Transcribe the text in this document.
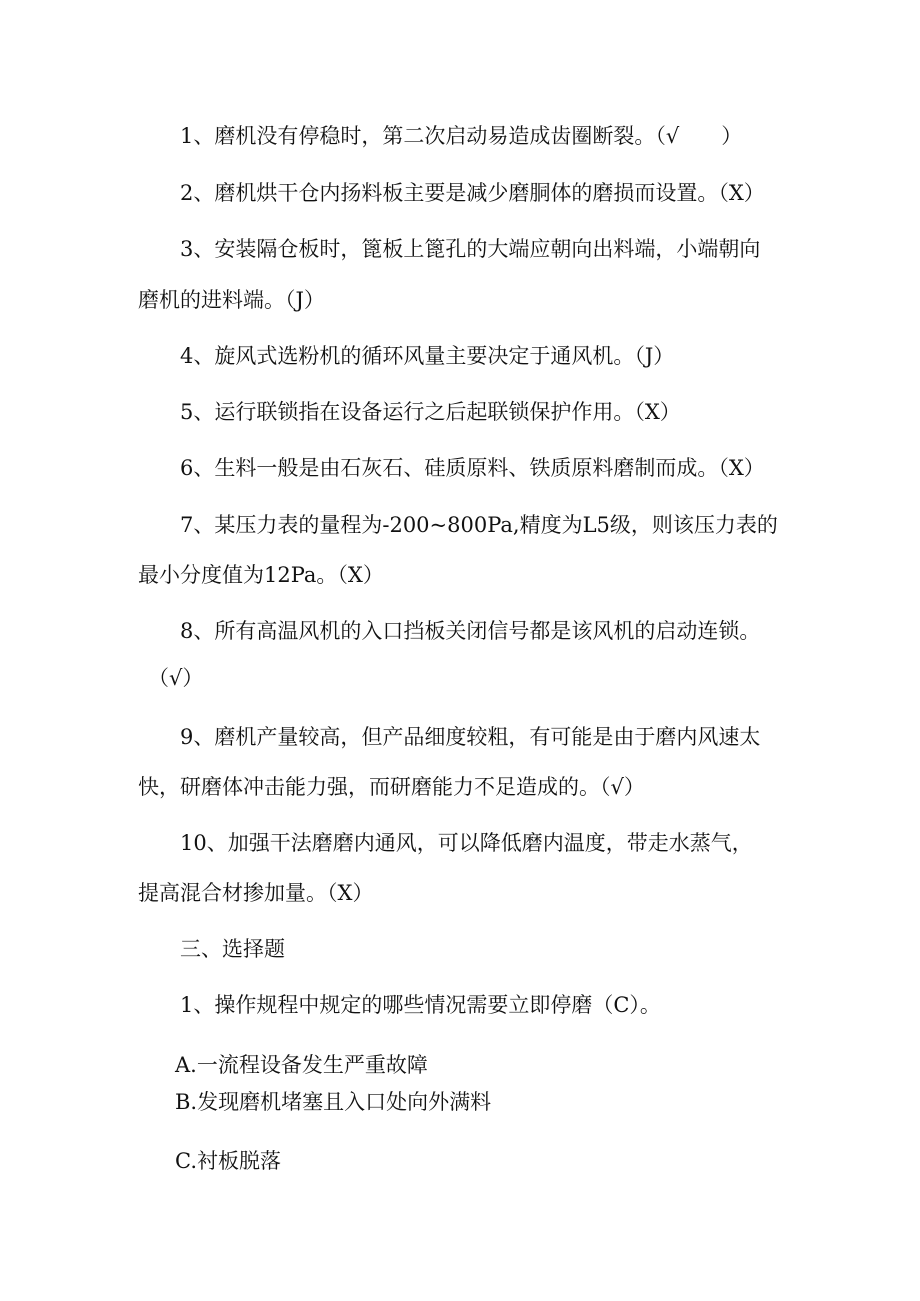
1、磨机没有停稳时，第二次启动易造成齿圈断裂。（√　　）
2、磨机烘干仓内扬料板主要是减少磨胴体的磨损而设置。（X）
3、安装隔仓板时，篦板上篦孔的大端应朝向出料端，小端朝向
磨机的进料端。（J）
4、旋风式选粉机的循环风量主要决定于通风机。（J）
5、运行联锁指在设备运行之后起联锁保护作用。（X）
6、生料一般是由石灰石、硅质原料、铁质原料磨制而成。（X）
7、某压力表的量程为-200~800Pa,精度为L5级，则该压力表的
最小分度值为12Pa。（X）
8、所有高温风机的入口挡板关闭信号都是该风机的启动连锁。
（√）
9、磨机产量较高，但产品细度较粗，有可能是由于磨内风速太
快，研磨体冲击能力强，而研磨能力不足造成的。（√）
10、加强干法磨磨内通风，可以降低磨内温度，带走水蒸气，
提高混合材掺加量。（X）
三、选择题
1、操作规程中规定的哪些情况需要立即停磨（C）。
A.一流程设备发生严重故障
B.发现磨机堵塞且入口处向外满料
C.衬板脱落
